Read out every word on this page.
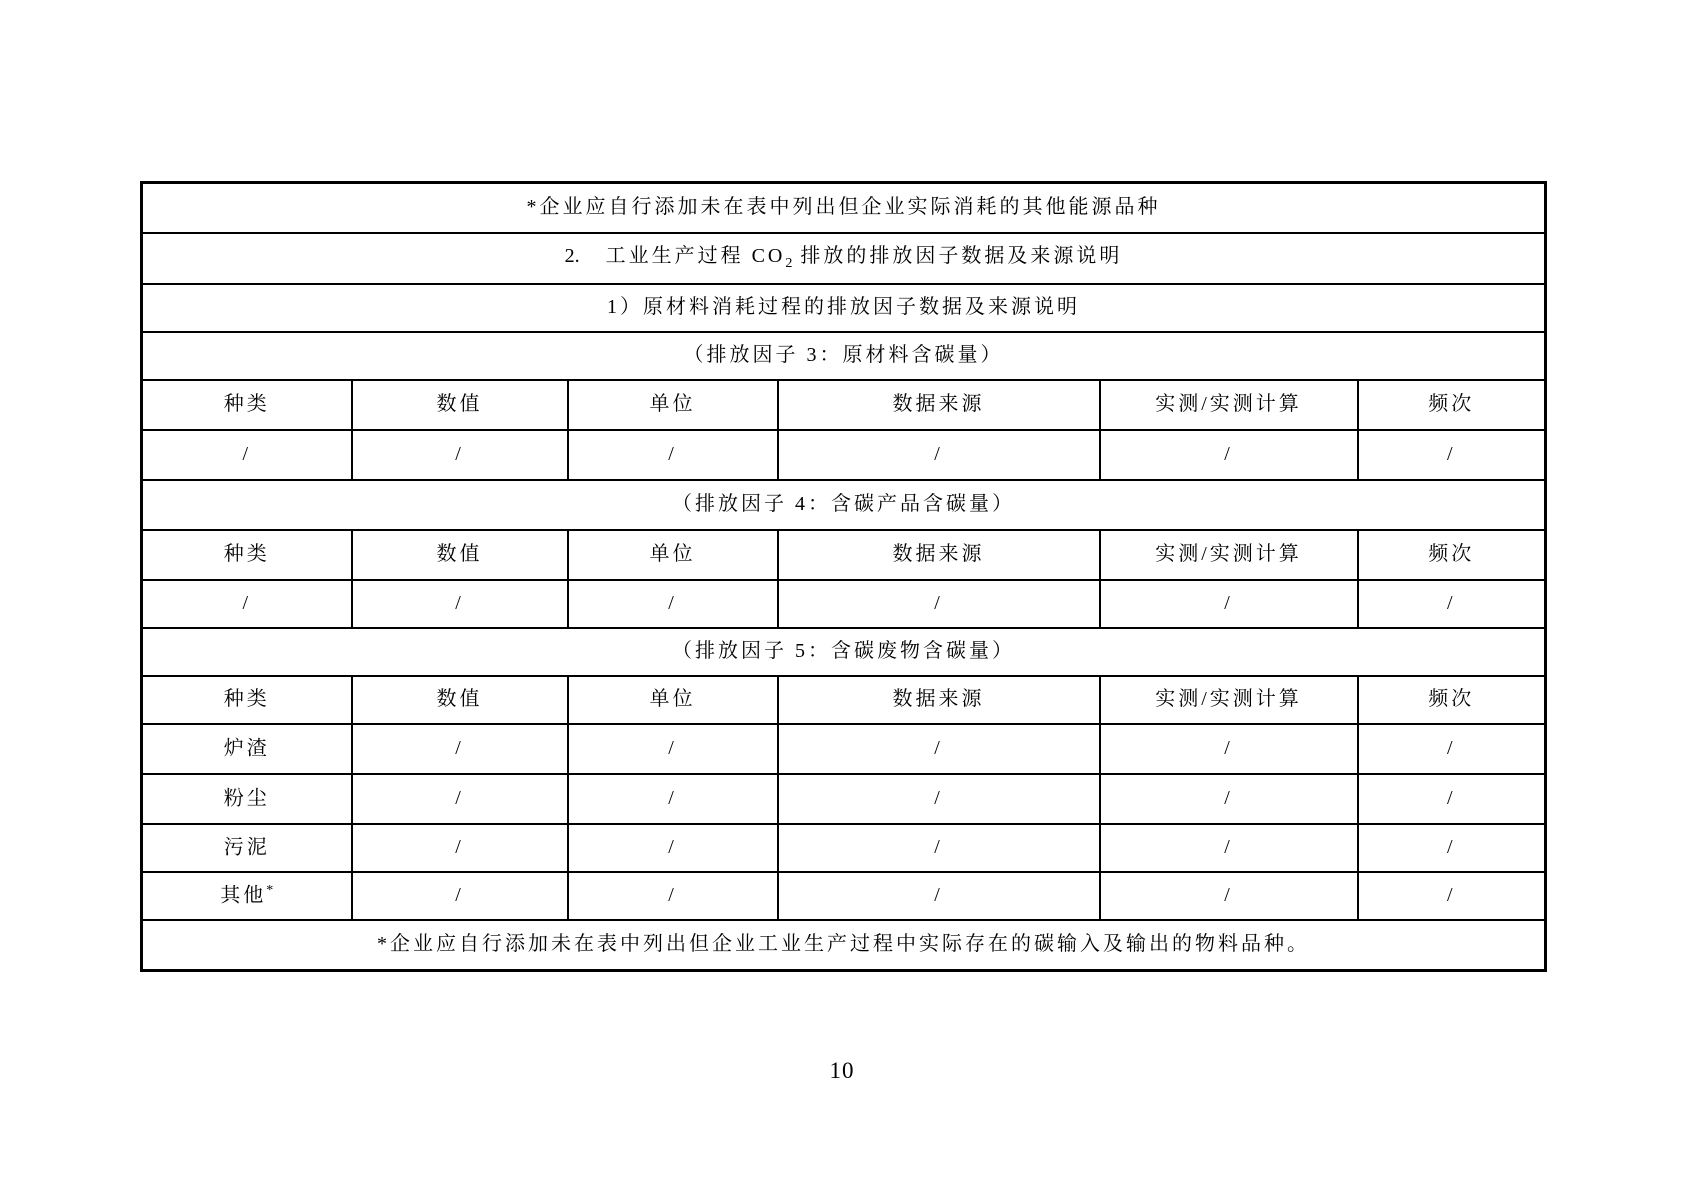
*企业应自行添加未在表中列出但企业实际消耗的其他能源品种					
2. 工业生产过程 $CO_2$ 排放的排放因子数据及来源说明					
1）原材料消耗过程的排放因子数据及来源说明					
（排放因子 3：原材料含碳量）					
种类	数值	单位	数据来源	实测/实测计算	频次
/	/	/	/	/	/
（排放因子 4：含碳产品含碳量）					
种类	数值	单位	数据来源	实测/实测计算	频次
/	/	/	/	/	/
（排放因子 5：含碳废物含碳量）					
种类	数值	单位	数据来源	实测/实测计算	频次
炉渣	/	/	/	/	/
粉尘	/	/	/	/	/
污泥	/	/	/	/	/
其他*	/	/	/	/	/
*企业应自行添加未在表中列出但企业工业生产过程中实际存在的碳输入及输出的物料品种。					
10
